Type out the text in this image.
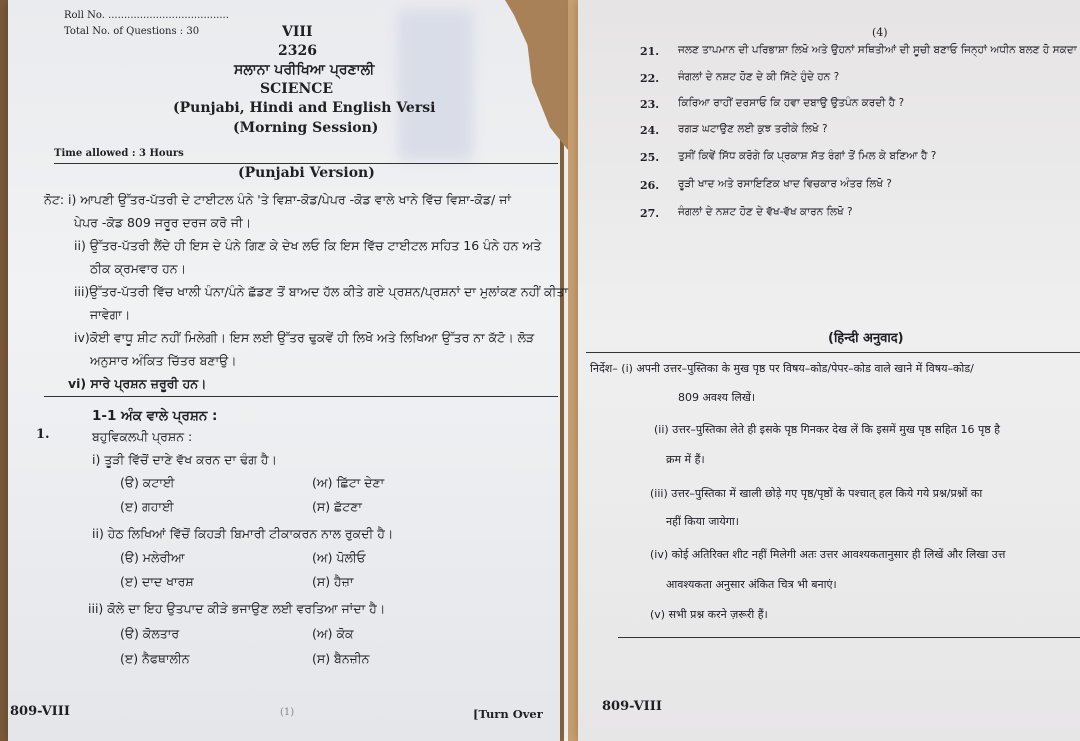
Roll No. ......................................
Total No. of Questions : 30	VIII
2326
ਸਲਾਨਾ ਪਰੀਖਿਆ ਪ੍ਰਣਾਲੀ
SCIENCE
(Punjabi, Hindi and English Versi
(Morning Session)
Time allowed : 3 Hours
(Punjabi Version)
ਨੋਟ: i) ਆਪਣੀ ਉੱਤਰ-ਪੱਤਰੀ ਦੇ ਟਾਈਟਲ ਪੰਨੇ 'ਤੇ ਵਿਸ਼ਾ-ਕੋਡ/ਪੇਪਰ -ਕੋਡ ਵਾਲੇ ਖਾਨੇ ਵਿੱਚ ਵਿਸ਼ਾ-ਕੋਡ/ ਜਾਂ
ਪੇਪਰ -ਕੋਡ 809 ਜਰੂਰ ਦਰਜ ਕਰੋ ਜੀ।
ii) ਉੱਤਰ-ਪੱਤਰੀ ਲੈਂਦੇ ਹੀ ਇਸ ਦੇ ਪੰਨੇ ਗਿਣ ਕੇ ਦੇਖ ਲਓ ਕਿ ਇਸ ਵਿੱਚ ਟਾਈਟਲ ਸਹਿਤ 16 ਪੰਨੇ ਹਨ ਅਤੇ
ਠੀਕ ਕ੍ਰਮਵਾਰ ਹਨ।
iii)ਉੱਤਰ-ਪੱਤਰੀ ਵਿੱਚ ਖਾਲੀ ਪੰਨਾ/ਪੰਨੇ ਛੱਡਣ ਤੋਂ ਬਾਅਦ ਹੱਲ ਕੀਤੇ ਗਏ ਪ੍ਰਸ਼ਨ/ਪ੍ਰਸ਼ਨਾਂ ਦਾ ਮੁਲਾਂਕਣ ਨਹੀਂ ਕੀਤਾ
ਜਾਵੇਗਾ।
iv)ਕੋਈ ਵਾਧੂ ਸ਼ੀਟ ਨਹੀਂ ਮਿਲੇਗੀ। ਇਸ ਲਈ ਉੱਤਰ ਢੁਕਵੇਂ ਹੀ ਲਿਖੋ ਅਤੇ ਲਿਖਿਆ ਉੱਤਰ ਨਾ ਕੱਟੋ। ਲੋੜ
ਅਨੁਸਾਰ ਅੰਕਿਤ ਚਿੱਤਰ ਬਣਾਉ।
vi) ਸਾਰੇ ਪ੍ਰਸ਼ਨ ਜ਼ਰੂਰੀ ਹਨ।
1-1 ਅੰਕ ਵਾਲੇ ਪ੍ਰਸ਼ਨ :
1.	ਬਹੁਵਿਕਲਪੀ ਪ੍ਰਸ਼ਨ :
i) ਤੂੜੀ ਵਿੱਚੋਂ ਦਾਣੇ ਵੱਖ ਕਰਨ ਦਾ ਢੰਗ ਹੈ।
(ੳ) ਕਟਾਈ	(ਅ) ਛਿੱਟਾ ਦੇਣਾ
(ੲ) ਗਹਾਈ	(ਸ) ਛੱਟਣਾ
ii) ਹੇਠ ਲਿਖਿਆਂ ਵਿੱਚੋਂ ਕਿਹੜੀ ਬਿਮਾਰੀ ਟੀਕਾਕਰਨ ਨਾਲ ਰੁਕਦੀ ਹੈ।
(ੳ) ਮਲੇਰੀਆ	(ਅ) ਪੋਲੀਓ
(ੲ) ਦਾਦ ਖਾਰਸ਼	(ਸ) ਹੈਜ਼ਾ
iii) ਕੋਲੇ ਦਾ ਇਹ ਉਤਪਾਦ ਕੀੜੇ ਭਜਾਉਣ ਲਈ ਵਰਤਿਆ ਜਾਂਦਾ ਹੈ।
(ੳ) ਕੋਲਤਾਰ	(ਅ) ਕੋਕ
(ੲ) ਨੈਫਥਾਲੀਨ	(ਸ) ਬੈਨਜ਼ੀਨ
809-VIII	(1)	[Turn Over
(4)
21. ਜਲਣ ਤਾਪਮਾਨ ਦੀ ਪਰਿਭਾਸ਼ਾ ਲਿਖੋ ਅਤੇ ਉਹਨਾਂ ਸਥਿਤੀਆਂ ਦੀ ਸੂਚੀ ਬਣਾਓ ਜਿਨ੍ਹਾਂ ਅਧੀਨ ਬਲਣ ਹੋ ਸਕਦਾ
22. ਜੰਗਲਾਂ ਦੇ ਨਸ਼ਟ ਹੋਣ ਦੇ ਕੀ ਸਿੱਟੇ ਹੁੰਦੇ ਹਨ ?
23. ਕਿਰਿਆ ਰਾਹੀਂ ਦਰਸਾਓ ਕਿ ਹਵਾ ਦਬਾਉ ਉਤਪੰਨ ਕਰਦੀ ਹੈ ?
24. ਰਗੜ ਘਟਾਉਣ ਲਈ ਕੁਝ ਤਰੀਕੇ ਲਿਖੋ ?
25. ਤੁਸੀਂ ਕਿਵੇਂ ਸਿੱਧ ਕਰੋਗੇ ਕਿ ਪ੍ਰਕਾਸ਼ ਸੱਤ ਰੰਗਾਂ ਤੋਂ ਮਿਲ ਕੇ ਬਣਿਆ ਹੈ ?
26. ਰੂੜੀ ਖਾਦ ਅਤੇ ਰਸਾਇਣਿਕ ਖਾਦ ਵਿਚਕਾਰ ਅੰਤਰ ਲਿਖੋ ?
27. ਜੰਗਲਾਂ ਦੇ ਨਸ਼ਟ ਹੋਣ ਦੇ ਵੱਖ-ਵੱਖ ਕਾਰਨ ਲਿਖੋ ?
(हिन्दी अनुवाद)
निर्देश– (i) अपनी उत्तर–पुस्तिका के मुख पृष्ठ पर विषय–कोड/पेपर–कोड वाले खाने में विषय–कोड/
809 अवश्य लिखें।
(ii) उत्तर–पुस्तिका लेते ही इसके पृष्ठ गिनकर देख लें कि इसमें मुख पृष्ठ सहित 16 पृष्ठ है
क्रम में हैं।
(iii) उत्तर–पुस्तिका में खाली छोड़े गए पृष्ठ/पृष्ठों के पश्चात् हल किये गये प्रश्न/प्रश्नों का
नहीं किया जायेगा।
(iv) कोई अतिरिक्त शीट नहीं मिलेगी अतः उत्तर आवश्यकतानुसार ही लिखें और लिखा उत्त
आवश्यकता अनुसार अंकित चित्र भी बनाएं।
(v) सभी प्रश्न करने ज़रूरी हैं।
809-VIII
